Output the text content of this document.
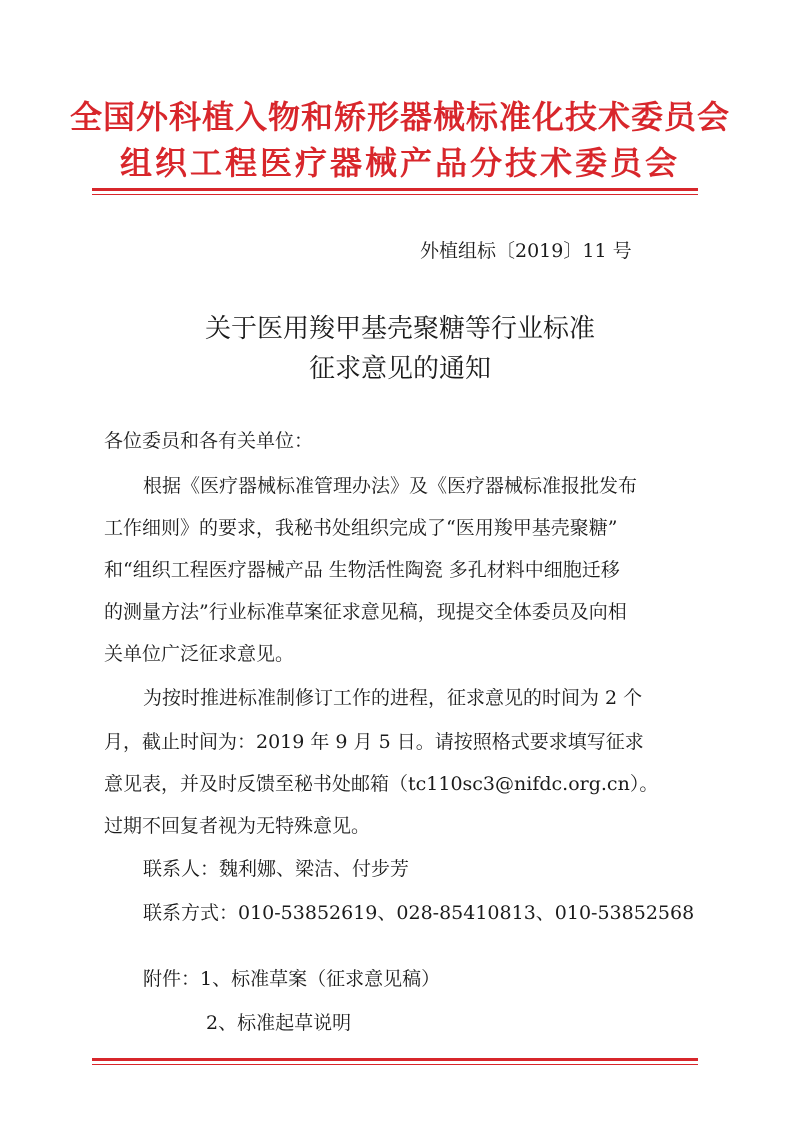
全国外科植入物和矫形器械标准化技术委员会
组织工程医疗器械产品分技术委员会
外植组标〔2019〕11 号
关于医用羧甲基壳聚糖等行业标准
征求意见的通知
各位委员和各有关单位：
根据《医疗器械标准管理办法》及《医疗器械标准报批发布
工作细则》的要求，我秘书处组织完成了“医用羧甲基壳聚糖”
和“组织工程医疗器械产品 生物活性陶瓷 多孔材料中细胞迁移
的测量方法”行业标准草案征求意见稿，现提交全体委员及向相
关单位广泛征求意见。
为按时推进标准制修订工作的进程，征求意见的时间为 2 个
月，截止时间为：2019 年 9 月 5 日。请按照格式要求填写征求
意见表，并及时反馈至秘书处邮箱（tc110sc3@nifdc.org.cn）。
过期不回复者视为无特殊意见。
联系人：魏利娜、梁洁、付步芳
联系方式：010-53852619、028-85410813、010-53852568
附件：1、标准草案（征求意见稿）
2、标准起草说明
